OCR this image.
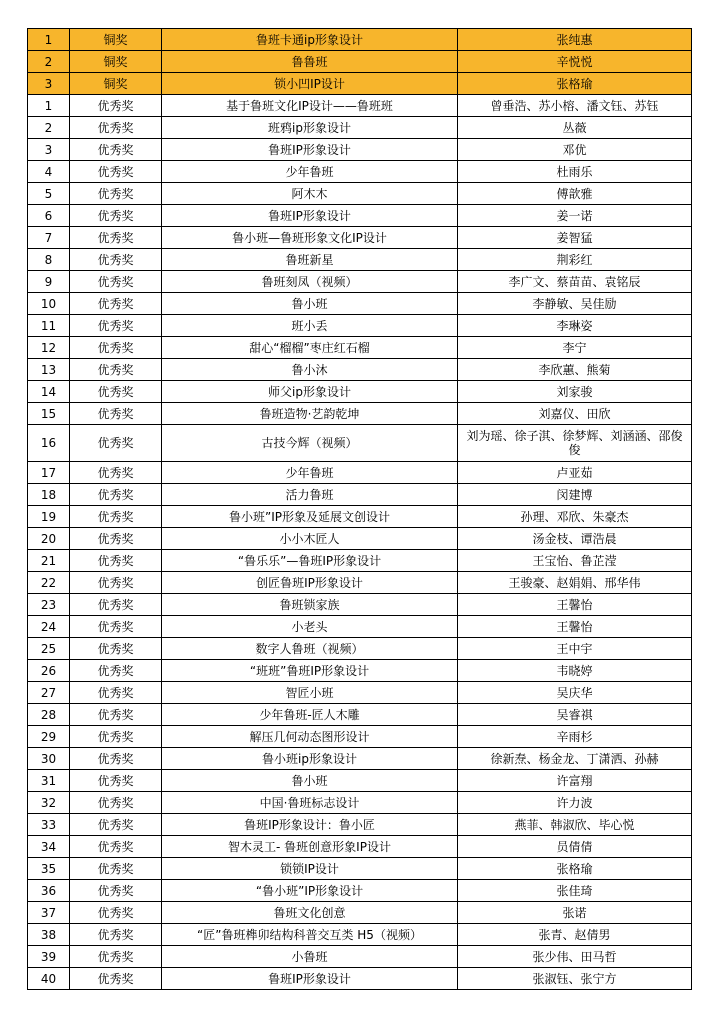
1	铜奖	鲁班卡通ip形象设计	张纯惠
2	铜奖	鲁鲁班	辛悦悦
3	铜奖	锁小凹IP设计	张格瑜
1	优秀奖	基于鲁班文化IP设计——鲁班班	曾垂浩、苏小榕、潘文钰、苏钰
2	优秀奖	班鸦ip形象设计	丛薇
3	优秀奖	鲁班IP形象设计	邓优
4	优秀奖	少年鲁班	杜雨乐
5	优秀奖	阿木木	傅歆雅
6	优秀奖	鲁班IP形象设计	姜一诺
7	优秀奖	鲁小班—鲁班形象文化IP设计	姜智猛
8	优秀奖	鲁班新星	荆彩红
9	优秀奖	鲁班刻凤（视频）	李广文、蔡苗苗、袁铭辰
10	优秀奖	鲁小班	李静敏、吴佳励
11	优秀奖	班小丢	李琳姿
12	优秀奖	甜心“榴榴”枣庄红石榴	李宁
13	优秀奖	鲁小沐	李欣蕙、熊菊
14	优秀奖	师父ip形象设计	刘家骏
15	优秀奖	鲁班造物·艺韵乾坤	刘嘉仪、田欣
16	优秀奖	古技今辉（视频）	刘为瑶、徐子淇、徐梦辉、刘涵涵、邵俊俊
17	优秀奖	少年鲁班	卢亚茹
18	优秀奖	活力鲁班	闵建博
19	优秀奖	鲁小班”IP形象及延展文创设计	孙理、邓欣、朱豪杰
20	优秀奖	小小木匠人	汤金枝、谭浩晨
21	优秀奖	“鲁乐乐”—鲁班IP形象设计	王宝怡、鲁芷滢
22	优秀奖	创匠鲁班IP形象设计	王骏豪、赵娟娟、邢华伟
23	优秀奖	鲁班锁家族	王馨怡
24	优秀奖	小老头	王馨怡
25	优秀奖	数字人鲁班（视频）	王中宇
26	优秀奖	“班班”鲁班IP形象设计	韦晓婷
27	优秀奖	智匠小班	吴庆华
28	优秀奖	少年鲁班-匠人木雕	吴睿祺
29	优秀奖	解压几何动态图形设计	辛雨杉
30	优秀奖	鲁小班ip形象设计	徐新焘、杨金龙、丁潇洒、孙赫
31	优秀奖	鲁小班	许富翔
32	优秀奖	中国·鲁班标志设计	许力波
33	优秀奖	鲁班IP形象设计：鲁小匠	燕菲、韩淑欣、毕心悦
34	优秀奖	智木灵工- 鲁班创意形象IP设计	员倩倩
35	优秀奖	锁锁IP设计	张格瑜
36	优秀奖	“鲁小班”IP形象设计	张佳琦
37	优秀奖	鲁班文化创意	张诺
38	优秀奖	“匠”鲁班榫卯结构科普交互类 H5（视频）	张青、赵倩男
39	优秀奖	小鲁班	张少伟、田马哲
40	优秀奖	鲁班IP形象设计	张淑钰、张宁方
